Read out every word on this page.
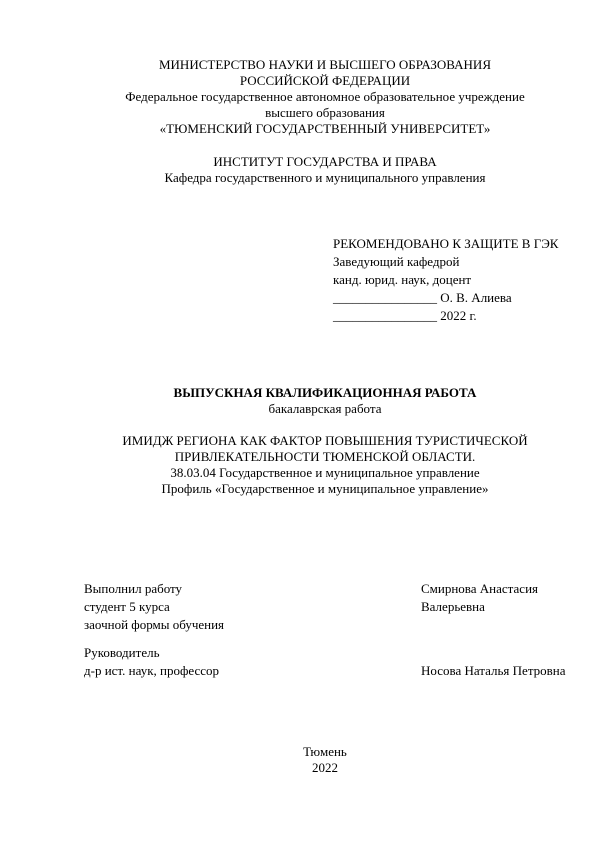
МИНИСТЕРСТВО НАУКИ И ВЫСШЕГО ОБРАЗОВАНИЯ
РОССИЙСКОЙ ФЕДЕРАЦИИ
Федеральное государственное автономное образовательное учреждение
высшего образования
«ТЮМЕНСКИЙ ГОСУДАРСТВЕННЫЙ УНИВЕРСИТЕТ»
ИНСТИТУТ ГОСУДАРСТВА И ПРАВА
Кафедра государственного и муниципального управления
РЕКОМЕНДОВАНО К ЗАЩИТЕ В ГЭК
Заведующий кафедрой
канд. юрид. наук, доцент
________________ О. В. Алиева
________________ 2022 г.
ВЫПУСКНАЯ КВАЛИФИКАЦИОННАЯ РАБОТА
бакалаврская работа
ИМИДЖ РЕГИОНА КАК ФАКТОР ПОВЫШЕНИЯ ТУРИСТИЧЕСКОЙ
ПРИВЛЕКАТЕЛЬНОСТИ ТЮМЕНСКОЙ ОБЛАСТИ.
38.03.04 Государственное и муниципальное управление
Профиль «Государственное и муниципальное управление»
Выполнил работу
студент 5 курса
заочной формы обучения
Руководитель
д-р ист. наук, профессор
Смирнова Анастасия
Валерьевна
Носова Наталья Петровна
Тюмень
2022
